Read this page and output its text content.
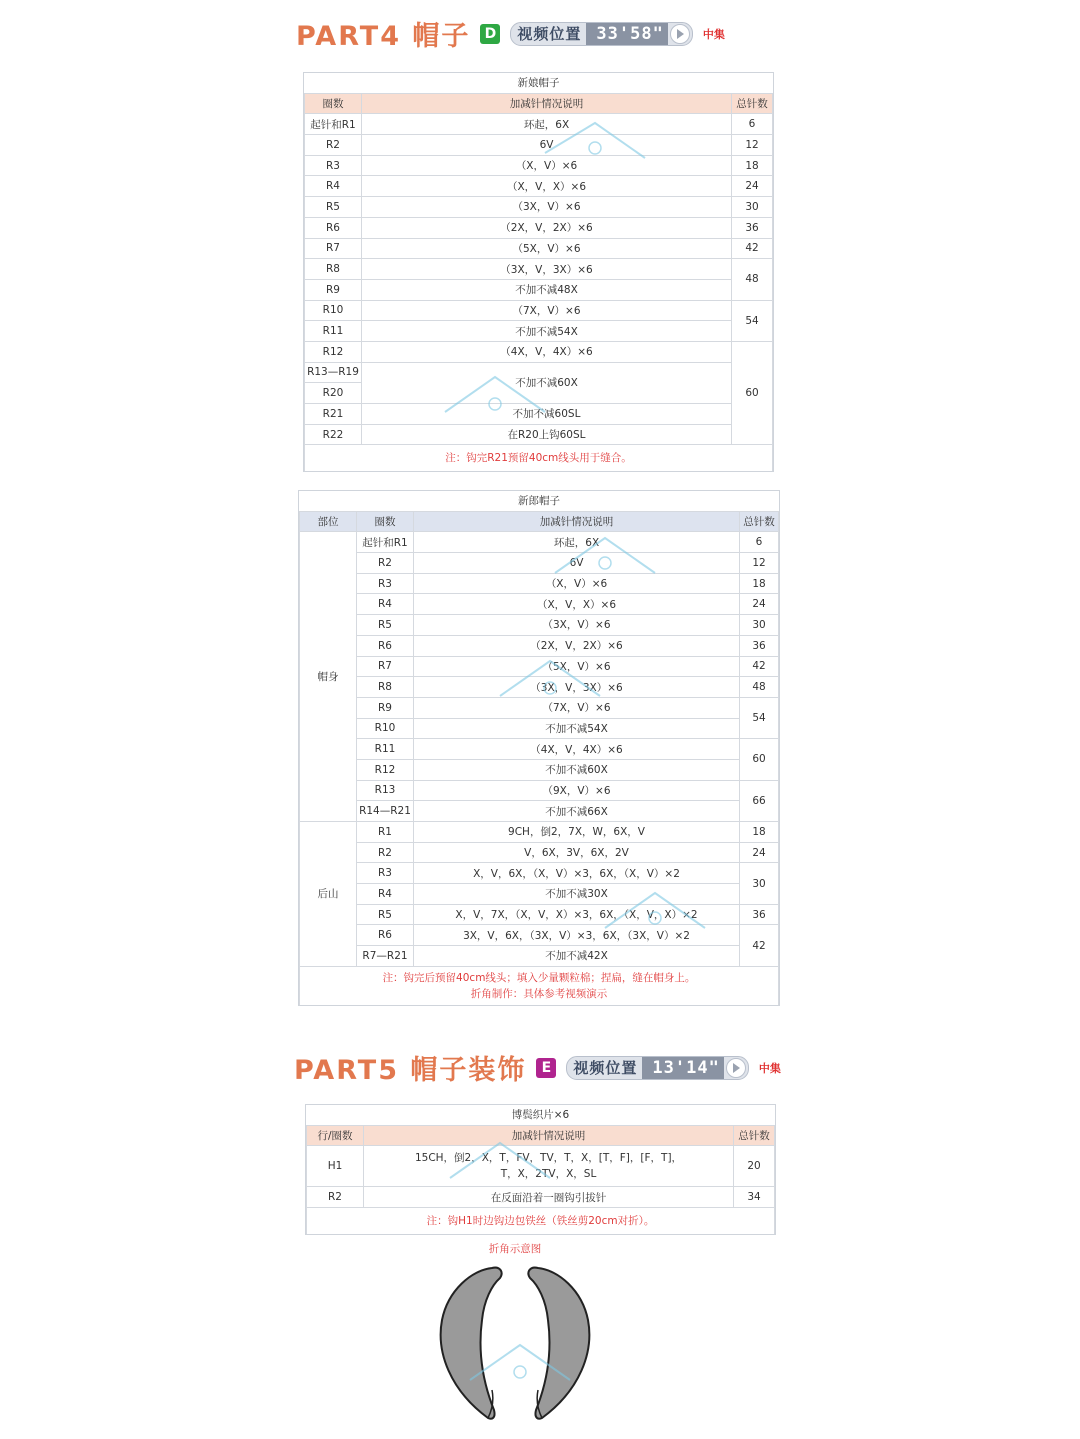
PART4 帽子 D	视频位置 33'58"	中集
新娘帽子		
圈数	加减针情况说明	总针数
起针和R1	环起，6X	6
R2	6V	12
R3	（X，V）×6	18
R4	（X，V，X）×6	24
R5	（3X，V）×6	30
R6	（2X，V，2X）×6	36
R7	（5X，V）×6	42
R8	（3X，V，3X）×6	48
R9	不加不减48X	
R10	（7X，V）×6	54
R11	不加不减54X	
R12	（4X，V，4X）×6	60
R13—R19	不加不减60X	
R20		
R21	不加不减60SL	
R22	在R20上钩60SL	
注：钩完R21预留40cm线头用于缝合。		
新郎帽子			
部位	圈数	加减针情况说明	总针数
帽身	起针和R1	环起，6X	6
	R2	6V	12
	R3	（X，V）×6	18
	R4	（X，V，X）×6	24
	R5	（3X，V）×6	30
	R6	（2X，V，2X）×6	36
	R7	（5X，V）×6	42
	R8	（3X，V，3X）×6	48
	R9	（7X，V）×6	54
	R10	不加不减54X	
	R11	（4X，V，4X）×6	60
	R12	不加不减60X	
	R13	（9X，V）×6	66
	R14—R21	不加不减66X	
后山	R1	9CH，倒2，7X，W，6X，V	18
	R2	V，6X，3V，6X，2V	24
	R3	X，V，6X，（X，V）×3，6X，（X，V）×2	30
	R4	不加不减30X	
	R5	X，V，7X，（X，V，X）×3，6X，（X，V，X）×2	36
	R6	3X，V，6X，（3X，V）×3，6X，（3X，V）×2	42
	R7—R21	不加不减42X	

注：钩完后预留40cm线头；填入少量颗粒棉；捏扁，缝在帽身上。
折角制作：具体参考视频演示			
PART5 帽子装饰	E	视频位置 13'14"	中集
博鬓织片×6		
行/圈数	加减针情况说明	总针数
H1	15CH，倒2，X，T，FV，TV，T，X，[T，F]，[F，T]，
T，X，2TV，X，SL	20
R2	在反面沿着一圈钩引拔针	34
注：钩H1时边钩边包铁丝（铁丝剪20cm对折）。		
折角示意图
